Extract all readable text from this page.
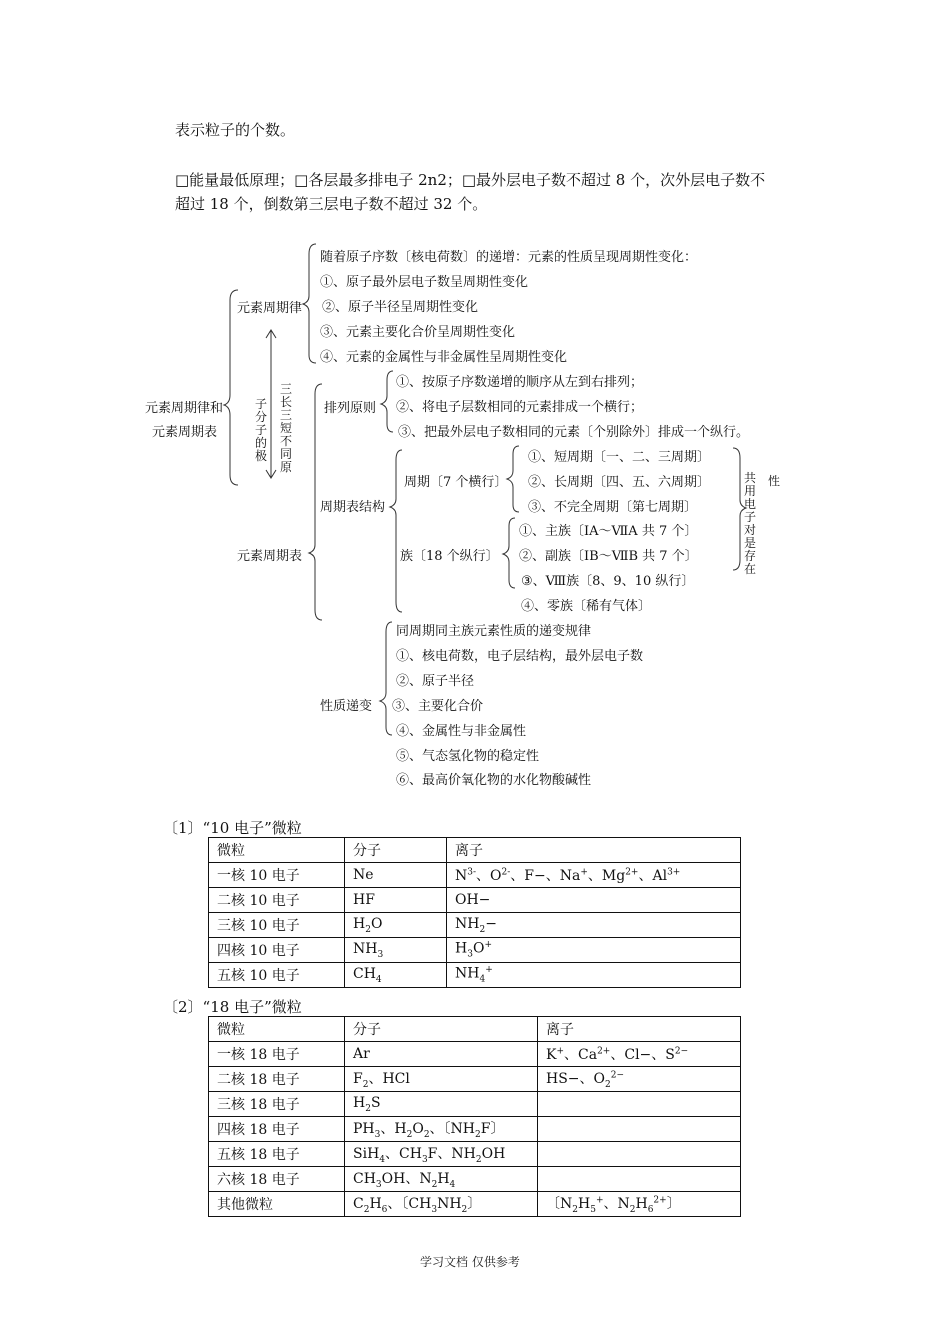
表示粒子的个数。
□能量最低原理；□各层最多排电子 2n2；□最外层电子数不超过 8 个，次外层电子数不
超过 18 个，倒数第三层电子数不超过 32 个。
元素周期律和
元素周期表
元素周期律
随着原子序数〔核电荷数〕的递增：元素的性质呈现周期性变化：
①、原子最外层电子数呈周期性变化
②、原子半径呈周期性变化
③、元素主要化合价呈周期性变化
④、元素的金属性与非金属性呈周期性变化
子分子的极
三长三短不同原
元素周期表
排列原则
①、按原子序数递增的顺序从左到右排列；
②、将电子层数相同的元素排成一个横行；
③、把最外层电子数相同的元素〔个别除外〕排成一个纵行。
周期表结构
周期〔7 个横行〕
①、短周期〔一、二、三周期〕
②、长周期〔四、五、六周期〕
③、不完全周期〔第七周期〕
族〔18 个纵行〕
①、主族〔ⅠA～ⅦA 共 7 个〕
②、副族〔ⅠB～ⅦB 共 7 个〕
③、Ⅷ族〔8、9、10 纵行〕
④、零族〔稀有气体〕
共用电子对是存在
性
性质递变
同周期同主族元素性质的递变规律
①、核电荷数，电子层结构，最外层电子数
②、原子半径
③、主要化合价
④、金属性与非金属性
⑤、气态氢化物的稳定性
⑥、最高价氧化物的水化物酸碱性
〔1〕“10 电子”微粒
微粒	分子	离子
一核 10 电子	Ne	$N^{3-}$、$O^{2-}$、F−、Na+、$Mg^{2+}$、$Al^{3+}$
二核 10 电子	HF	OH−
三核 10 电子	$H_2O$	$NH_2-$
四核 10 电子	$NH_3$	$H_3O^+$
五核 10 电子	$CH_4$	$NH_4^+$
〔2〕“18 电子”微粒
微粒	分子	离子
一核 18 电子	Ar	K+、$Ca^{2+}$、Cl−、$S^{2-}$
二核 18 电子	$F_2$、HCl	HS−、$O_2^{2-}$
三核 18 电子	$H_2S$	
四核 18 电子	$PH_3$、$H_2O_2$、〔$NH_2F$〕	
五核 18 电子	SiH$_4$、$CH_3F$、$NH_2OH$	
六核 18 电子	$CH_3OH$、$N_2H_4$	
其他微粒	$C_2H_6$、〔$CH_3NH_2$〕	〔$N_2H_5^+$、$N_2H_6^{2+}$〕
学习文档 仅供参考
